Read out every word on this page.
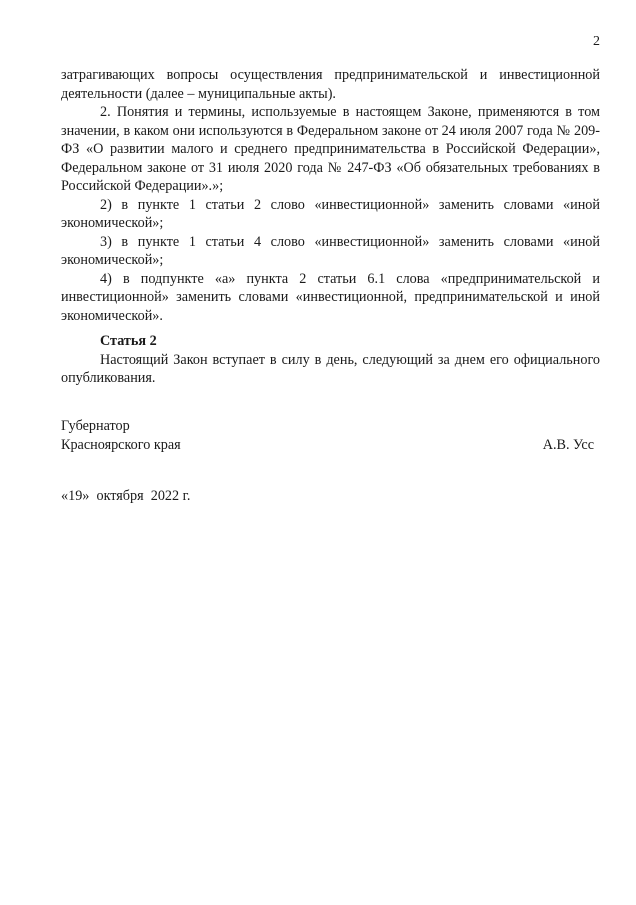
2

затрагивающих вопросы осуществления предпринимательской и инвестиционной деятельности (далее – муниципальные акты).

2. Понятия и термины, используемые в настоящем Законе, применяются в том значении, в каком они используются в Федеральном законе от 24 июля 2007 года № 209-ФЗ «О развитии малого и среднего предпринимательства в Российской Федерации», Федеральном законе от 31 июля 2020 года № 247-ФЗ «Об обязательных требованиях в Российской Федерации».»;

2) в пункте 1 статьи 2 слово «инвестиционной» заменить словами «иной экономической»;

3) в пункте 1 статьи 4 слово «инвестиционной» заменить словами «иной экономической»;

4) в подпункте «а» пункта 2 статьи 6.1 слова «предпринимательской и инвестиционной» заменить словами «инвестиционной, предпринимательской и иной экономической».

Статья 2

Настоящий Закон вступает в силу в день, следующий за днем его официального опубликования.

Губернатор
Красноярского края	А.В. Усс
«19»  октября  2022 г.
